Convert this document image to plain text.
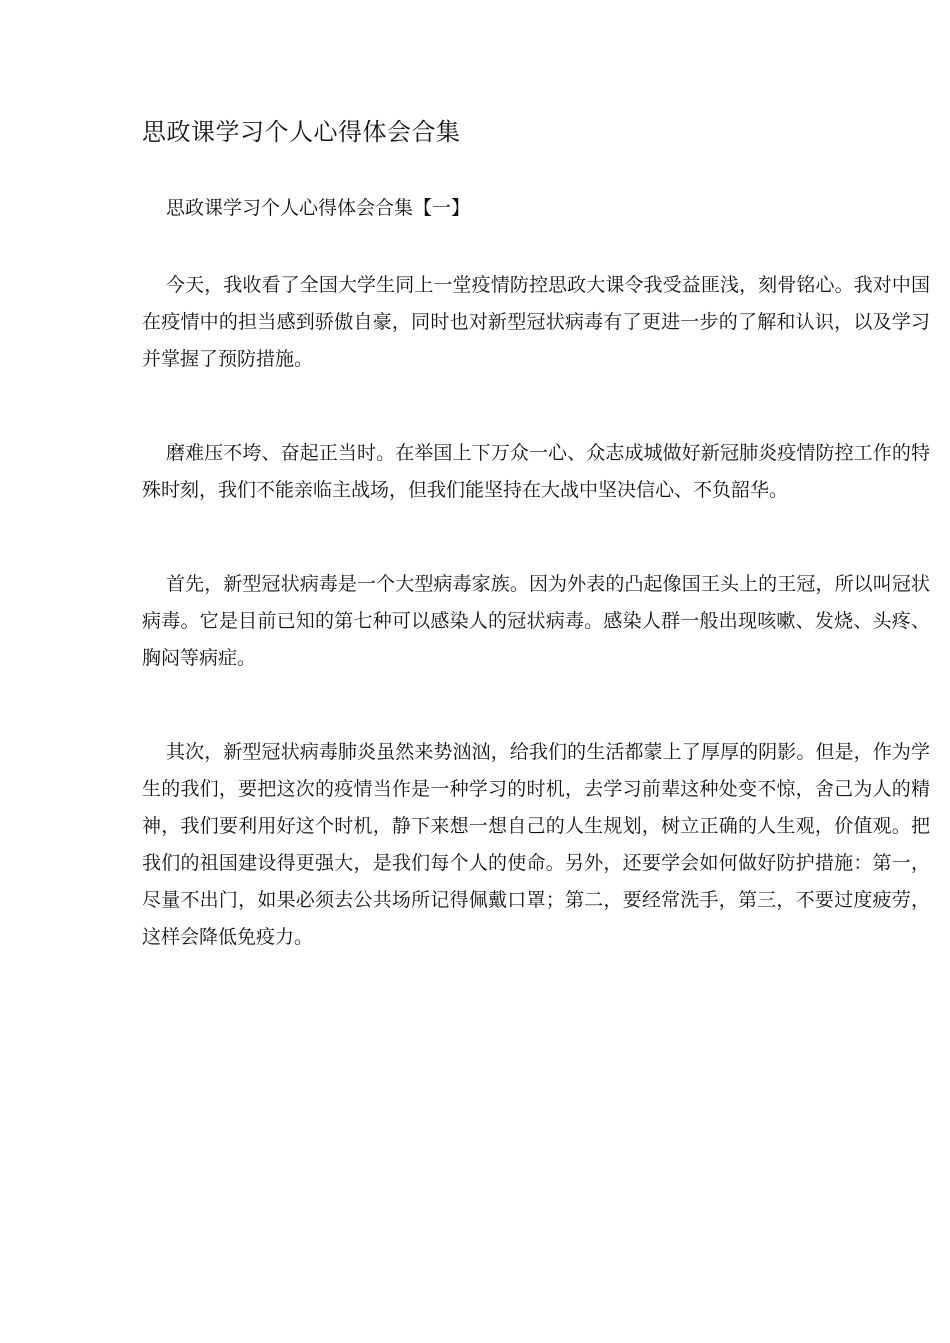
思政课学习个人心得体会合集
思政课学习个人心得体会合集【一】

今天，我收看了全国大学生同上一堂疫情防控思政大课令我受益匪浅，刻骨铭心。我对中国在疫情中的担当感到骄傲自豪，同时也对新型冠状病毒有了更进一步的了解和认识，以及学习并掌握了预防措施。

磨难压不垮、奋起正当时。在举国上下万众一心、众志成城做好新冠肺炎疫情防控工作的特殊时刻，我们不能亲临主战场，但我们能坚持在大战中坚决信心、不负韶华。

首先，新型冠状病毒是一个大型病毒家族。因为外表的凸起像国王头上的王冠，所以叫冠状病毒。它是目前已知的第七种可以感染人的冠状病毒。感染人群一般出现咳嗽、发烧、头疼、胸闷等病症。

其次，新型冠状病毒肺炎虽然来势汹汹，给我们的生活都蒙上了厚厚的阴影。但是，作为学生的我们，要把这次的疫情当作是一种学习的时机，去学习前辈这种处变不惊，舍己为人的精神，我们要利用好这个时机，静下来想一想自己的人生规划，树立正确的人生观，价值观。把我们的祖国建设得更强大，是我们每个人的使命。另外，还要学会如何做好防护措施：第一，尽量不出门，如果必须去公共场所记得佩戴口罩；第二，要经常洗手，第三，不要过度疲劳，这样会降低免疫力。
